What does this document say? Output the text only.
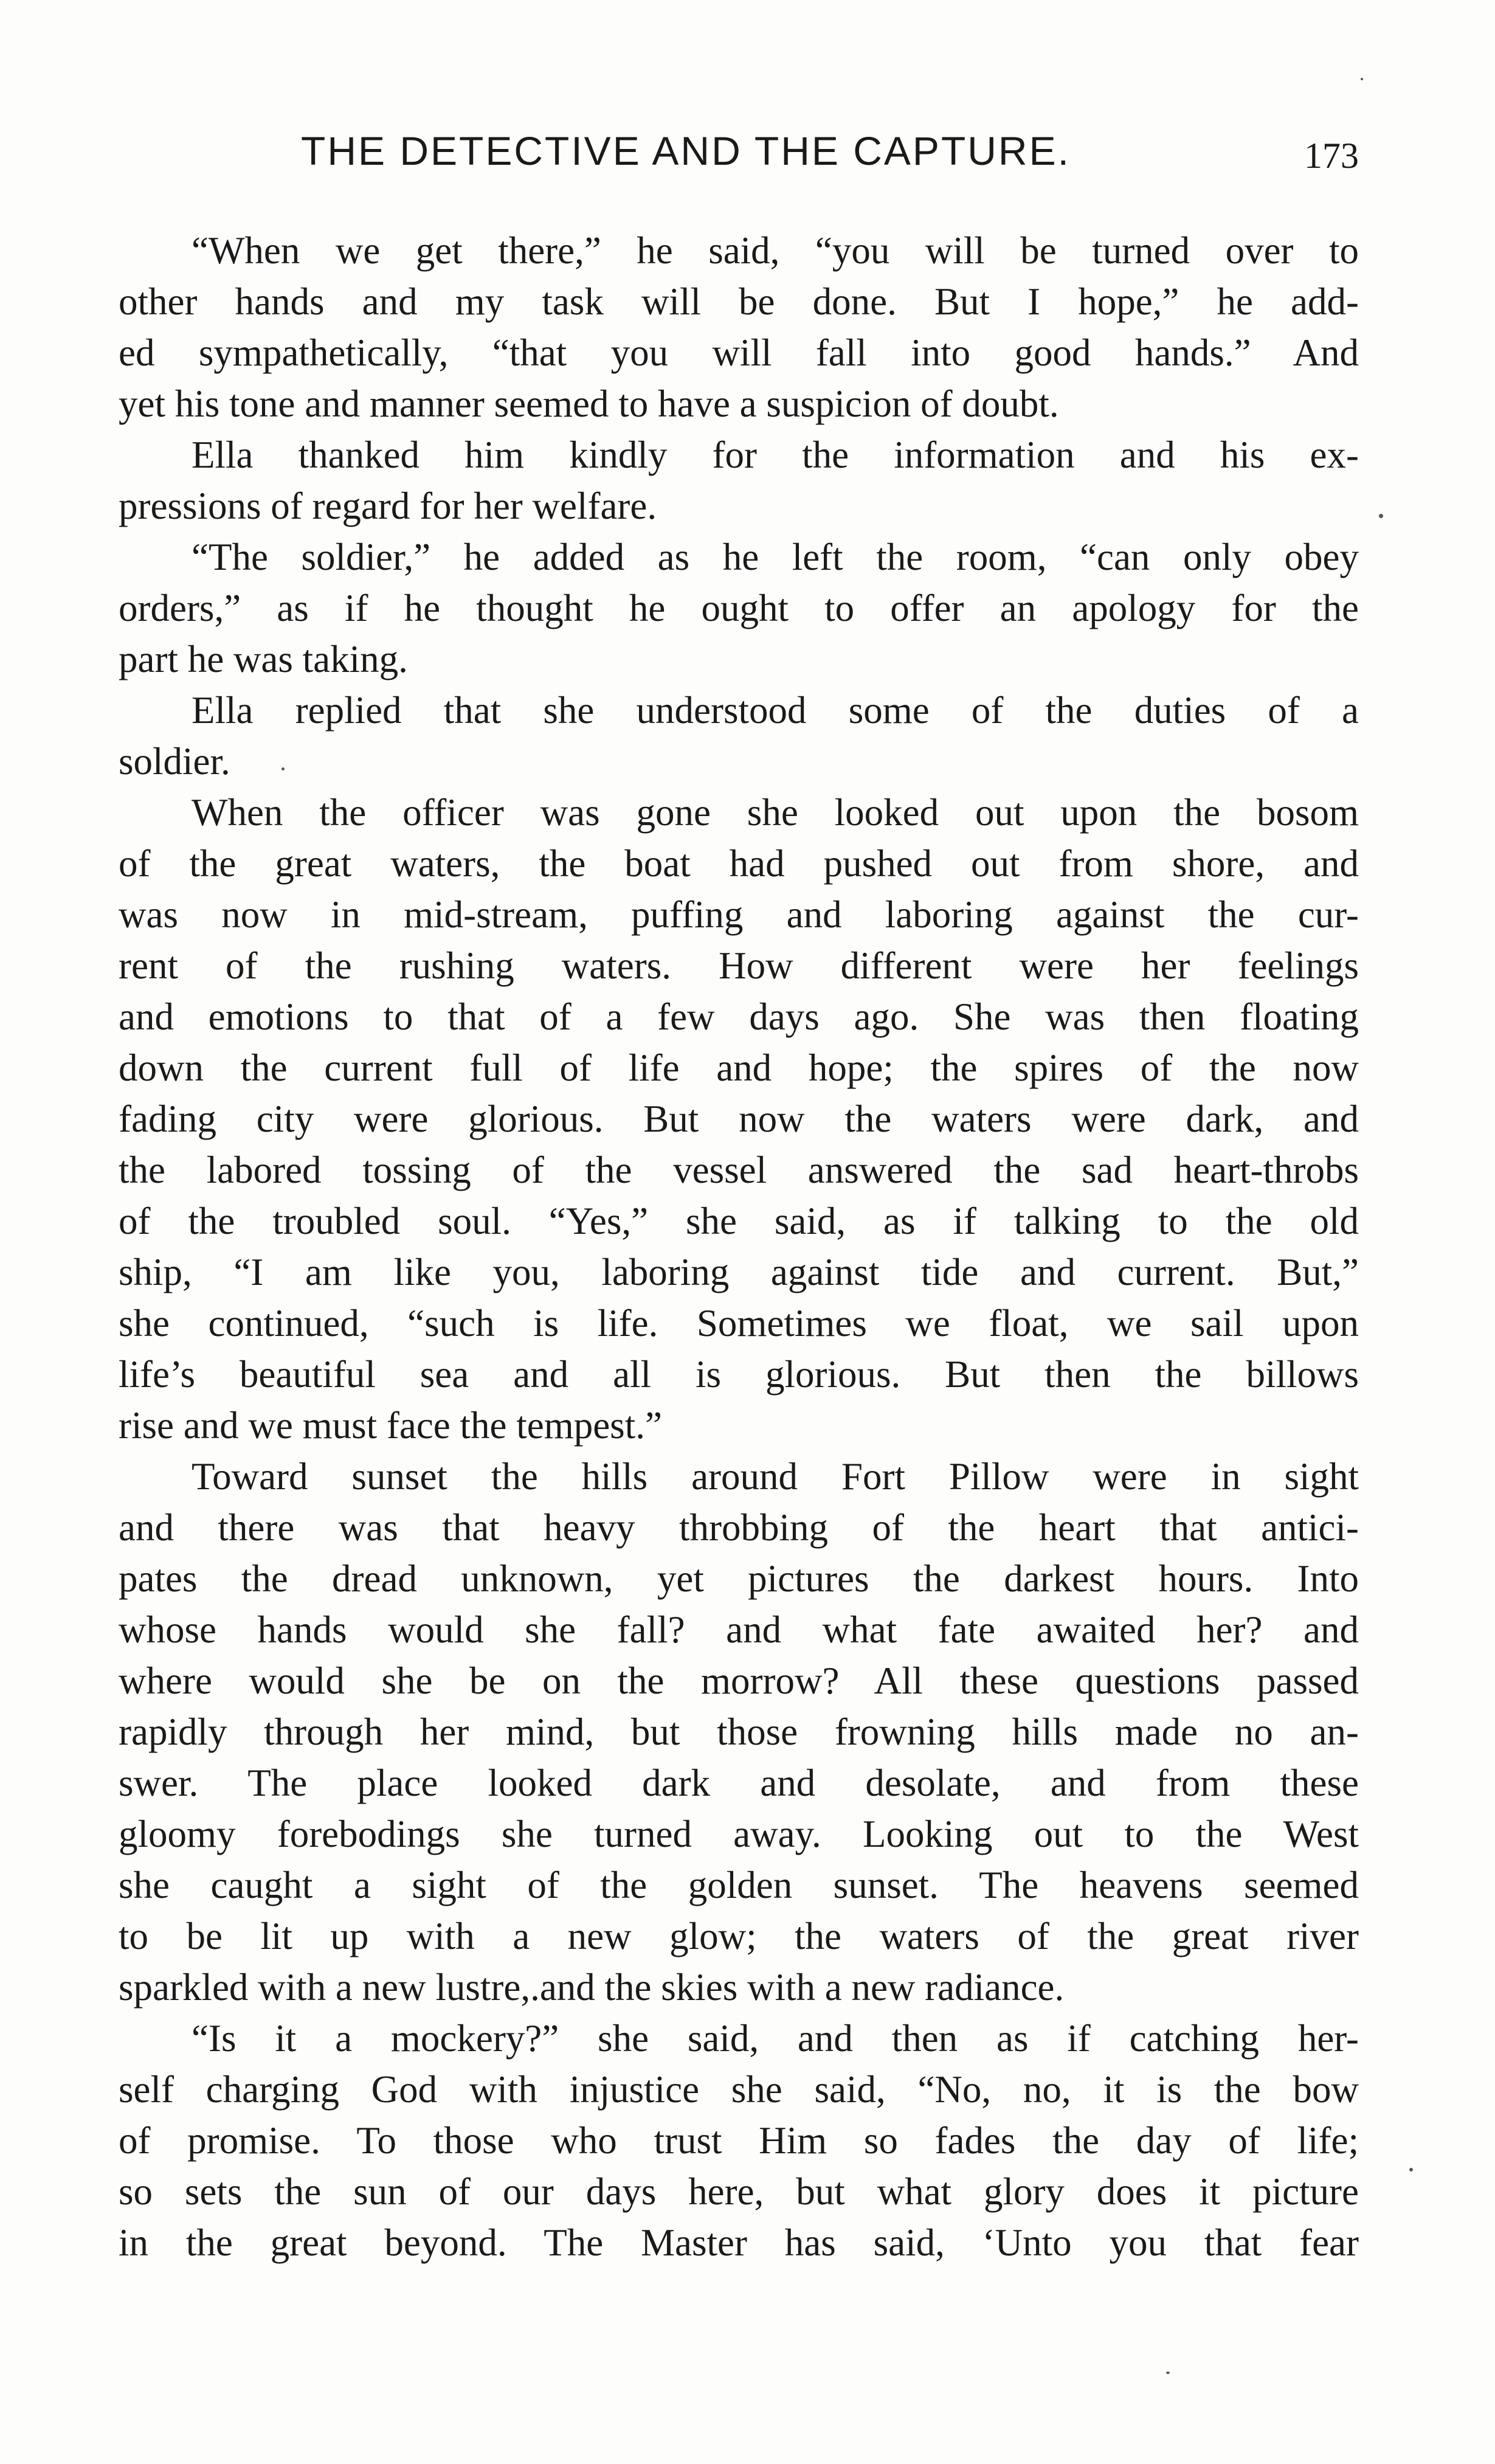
THE DETECTIVE AND THE CAPTURE.	173
“When we get there,” he said, “you will be turned over to
other hands and my task will be done. But I hope,” he add-
ed sympathetically, “that you will fall into good hands.” And
yet his tone and manner seemed to have a suspicion of doubt.
Ella thanked him kindly for the information and his ex-
pressions of regard for her welfare.
“The soldier,” he added as he left the room, “can only obey
orders,” as if he thought he ought to offer an apology for the
part he was taking.
Ella replied that she understood some of the duties of a
soldier.
When the officer was gone she looked out upon the bosom
of the great waters, the boat had pushed out from shore, and
was now in mid-stream, puffing and laboring against the cur-
rent of the rushing waters. How different were her feelings
and emotions to that of a few days ago. She was then floating
down the current full of life and hope; the spires of the now
fading city were glorious. But now the waters were dark, and
the labored tossing of the vessel answered the sad heart-throbs
of the troubled soul. “Yes,” she said, as if talking to the old
ship, “I am like you, laboring against tide and current. But,”
she continued, “such is life. Sometimes we float, we sail upon
life’s beautiful sea and all is glorious. But then the billows
rise and we must face the tempest.”
Toward sunset the hills around Fort Pillow were in sight
and there was that heavy throbbing of the heart that antici-
pates the dread unknown, yet pictures the darkest hours. Into
whose hands would she fall? and what fate awaited her? and
where would she be on the morrow? All these questions passed
rapidly through her mind, but those frowning hills made no an-
swer. The place looked dark and desolate, and from these
gloomy forebodings she turned away. Looking out to the West
she caught a sight of the golden sunset. The heavens seemed
to be lit up with a new glow; the waters of the great river
sparkled with a new lustre,.and the skies with a new radiance.
“Is it a mockery?” she said, and then as if catching her-
self charging God with injustice she said, “No, no, it is the bow
of promise. To those who trust Him so fades the day of life;
so sets the sun of our days here, but what glory does it picture
in the great beyond. The Master has said, ‘Unto you that fear
